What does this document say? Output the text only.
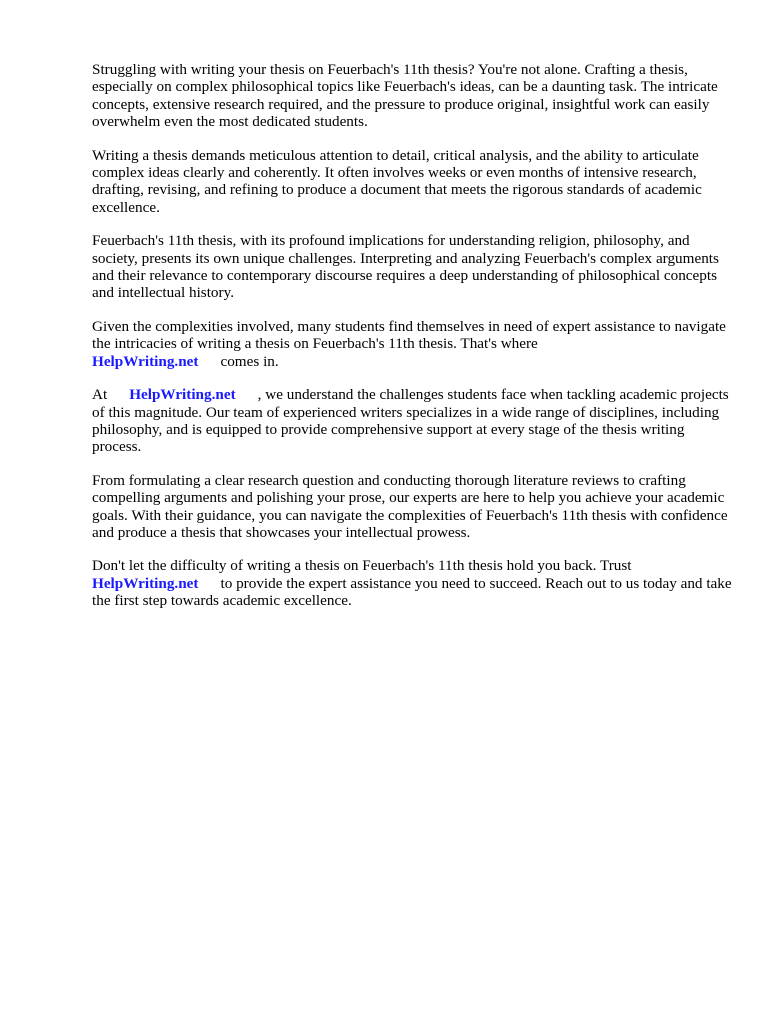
Struggling with writing your thesis on Feuerbach's 11th thesis? You're not alone. Crafting a thesis, especially on complex philosophical topics like Feuerbach's ideas, can be a daunting task. The intricate concepts, extensive research required, and the pressure to produce original, insightful work can easily overwhelm even the most dedicated students.

Writing a thesis demands meticulous attention to detail, critical analysis, and the ability to articulate complex ideas clearly and coherently. It often involves weeks or even months of intensive research, drafting, revising, and refining to produce a document that meets the rigorous standards of academic excellence.

Feuerbach's 11th thesis, with its profound implications for understanding religion, philosophy, and society, presents its own unique challenges. Interpreting and analyzing Feuerbach's complex arguments and their relevance to contemporary discourse requires a deep understanding of philosophical concepts and intellectual history.

Given the complexities involved, many students find themselves in need of expert assistance to navigate the intricacies of writing a thesis on Feuerbach's 11th thesis. That's where
HelpWriting.net comes in.

At HelpWriting.net , we understand the challenges students face when tackling academic projects of this magnitude. Our team of experienced writers specializes in a wide range of disciplines, including philosophy, and is equipped to provide comprehensive support at every stage of the thesis writing process.

From formulating a clear research question and conducting thorough literature reviews to crafting compelling arguments and polishing your prose, our experts are here to help you achieve your academic goals. With their guidance, you can navigate the complexities of Feuerbach's 11th thesis with confidence and produce a thesis that showcases your intellectual prowess.

Don't let the difficulty of writing a thesis on Feuerbach's 11th thesis hold you back. Trust
HelpWriting.net to provide the expert assistance you need to succeed. Reach out to us today and take the first step towards academic excellence.
